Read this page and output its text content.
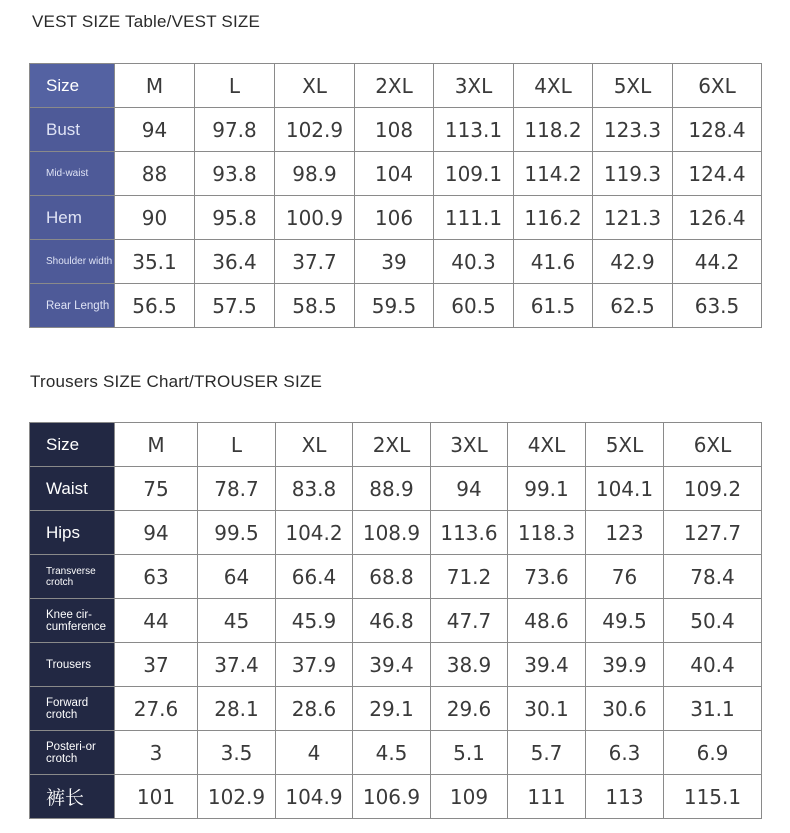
VEST SIZE Table/VEST SIZE
Size	M	L	XL	2XL	3XL	4XL	5XL	6XL
Bust	94	97.8	102.9	108	113.1	118.2	123.3	128.4
Mid-waist	88	93.8	98.9	104	109.1	114.2	119.3	124.4
Hem	90	95.8	100.9	106	111.1	116.2	121.3	126.4
Shoulder width	35.1	36.4	37.7	39	40.3	41.6	42.9	44.2
Rear Length	56.5	57.5	58.5	59.5	60.5	61.5	62.5	63.5
Trousers SIZE Chart/TROUSER SIZE
Size	M	L	XL	2XL	3XL	4XL	5XL	6XL
Waist	75	78.7	83.8	88.9	94	99.1	104.1	109.2
Hips	94	99.5	104.2	108.9	113.6	118.3	123	127.7
Transverse crotch	63	64	66.4	68.8	71.2	73.6	76	78.4
Knee cir-cumference	44	45	45.9	46.8	47.7	48.6	49.5	50.4
Trousers	37	37.4	37.9	39.4	38.9	39.4	39.9	40.4
Forward crotch	27.6	28.1	28.6	29.1	29.6	30.1	30.6	31.1
Posteri-or crotch	3	3.5	4	4.5	5.1	5.7	6.3	6.9
裤长	101	102.9	104.9	106.9	109	111	113	115.1
